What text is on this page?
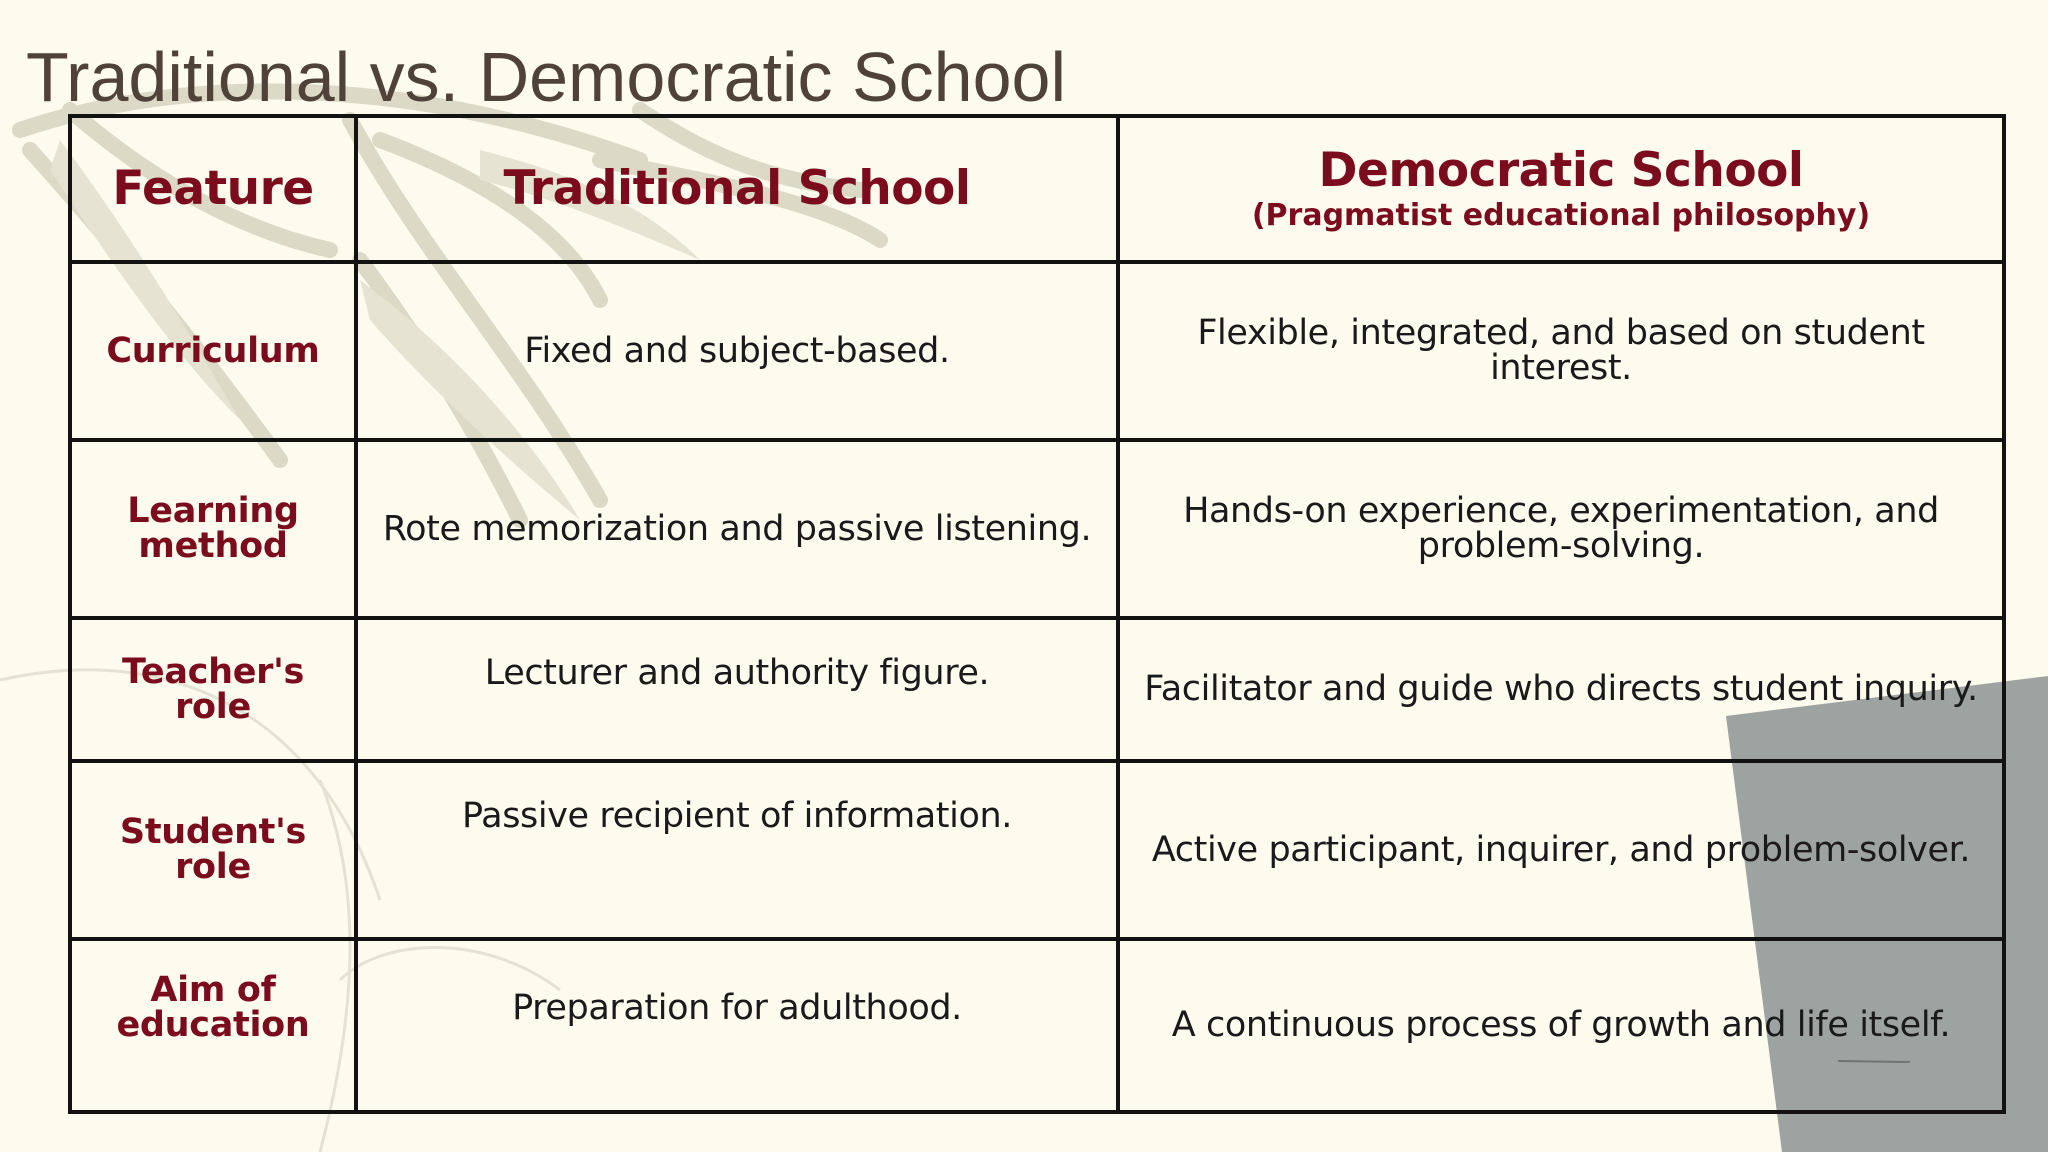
Traditional vs. Democratic School
Feature	Traditional School	Democratic School
(Pragmatist educational philosophy)

Curriculum	Fixed and subject-based.	Flexible, integrated, and based on student interest.
Learning method	Rote memorization and passive listening.	Hands-on experience, experimentation, and problem-solving.
Teacher's role	Lecturer and authority figure.	Facilitator and guide who directs student inquiry.
Student's role	Passive recipient of information.	Active participant, inquirer, and problem-solver.
Aim of education	Preparation for adulthood.	A continuous process of growth and life itself.
